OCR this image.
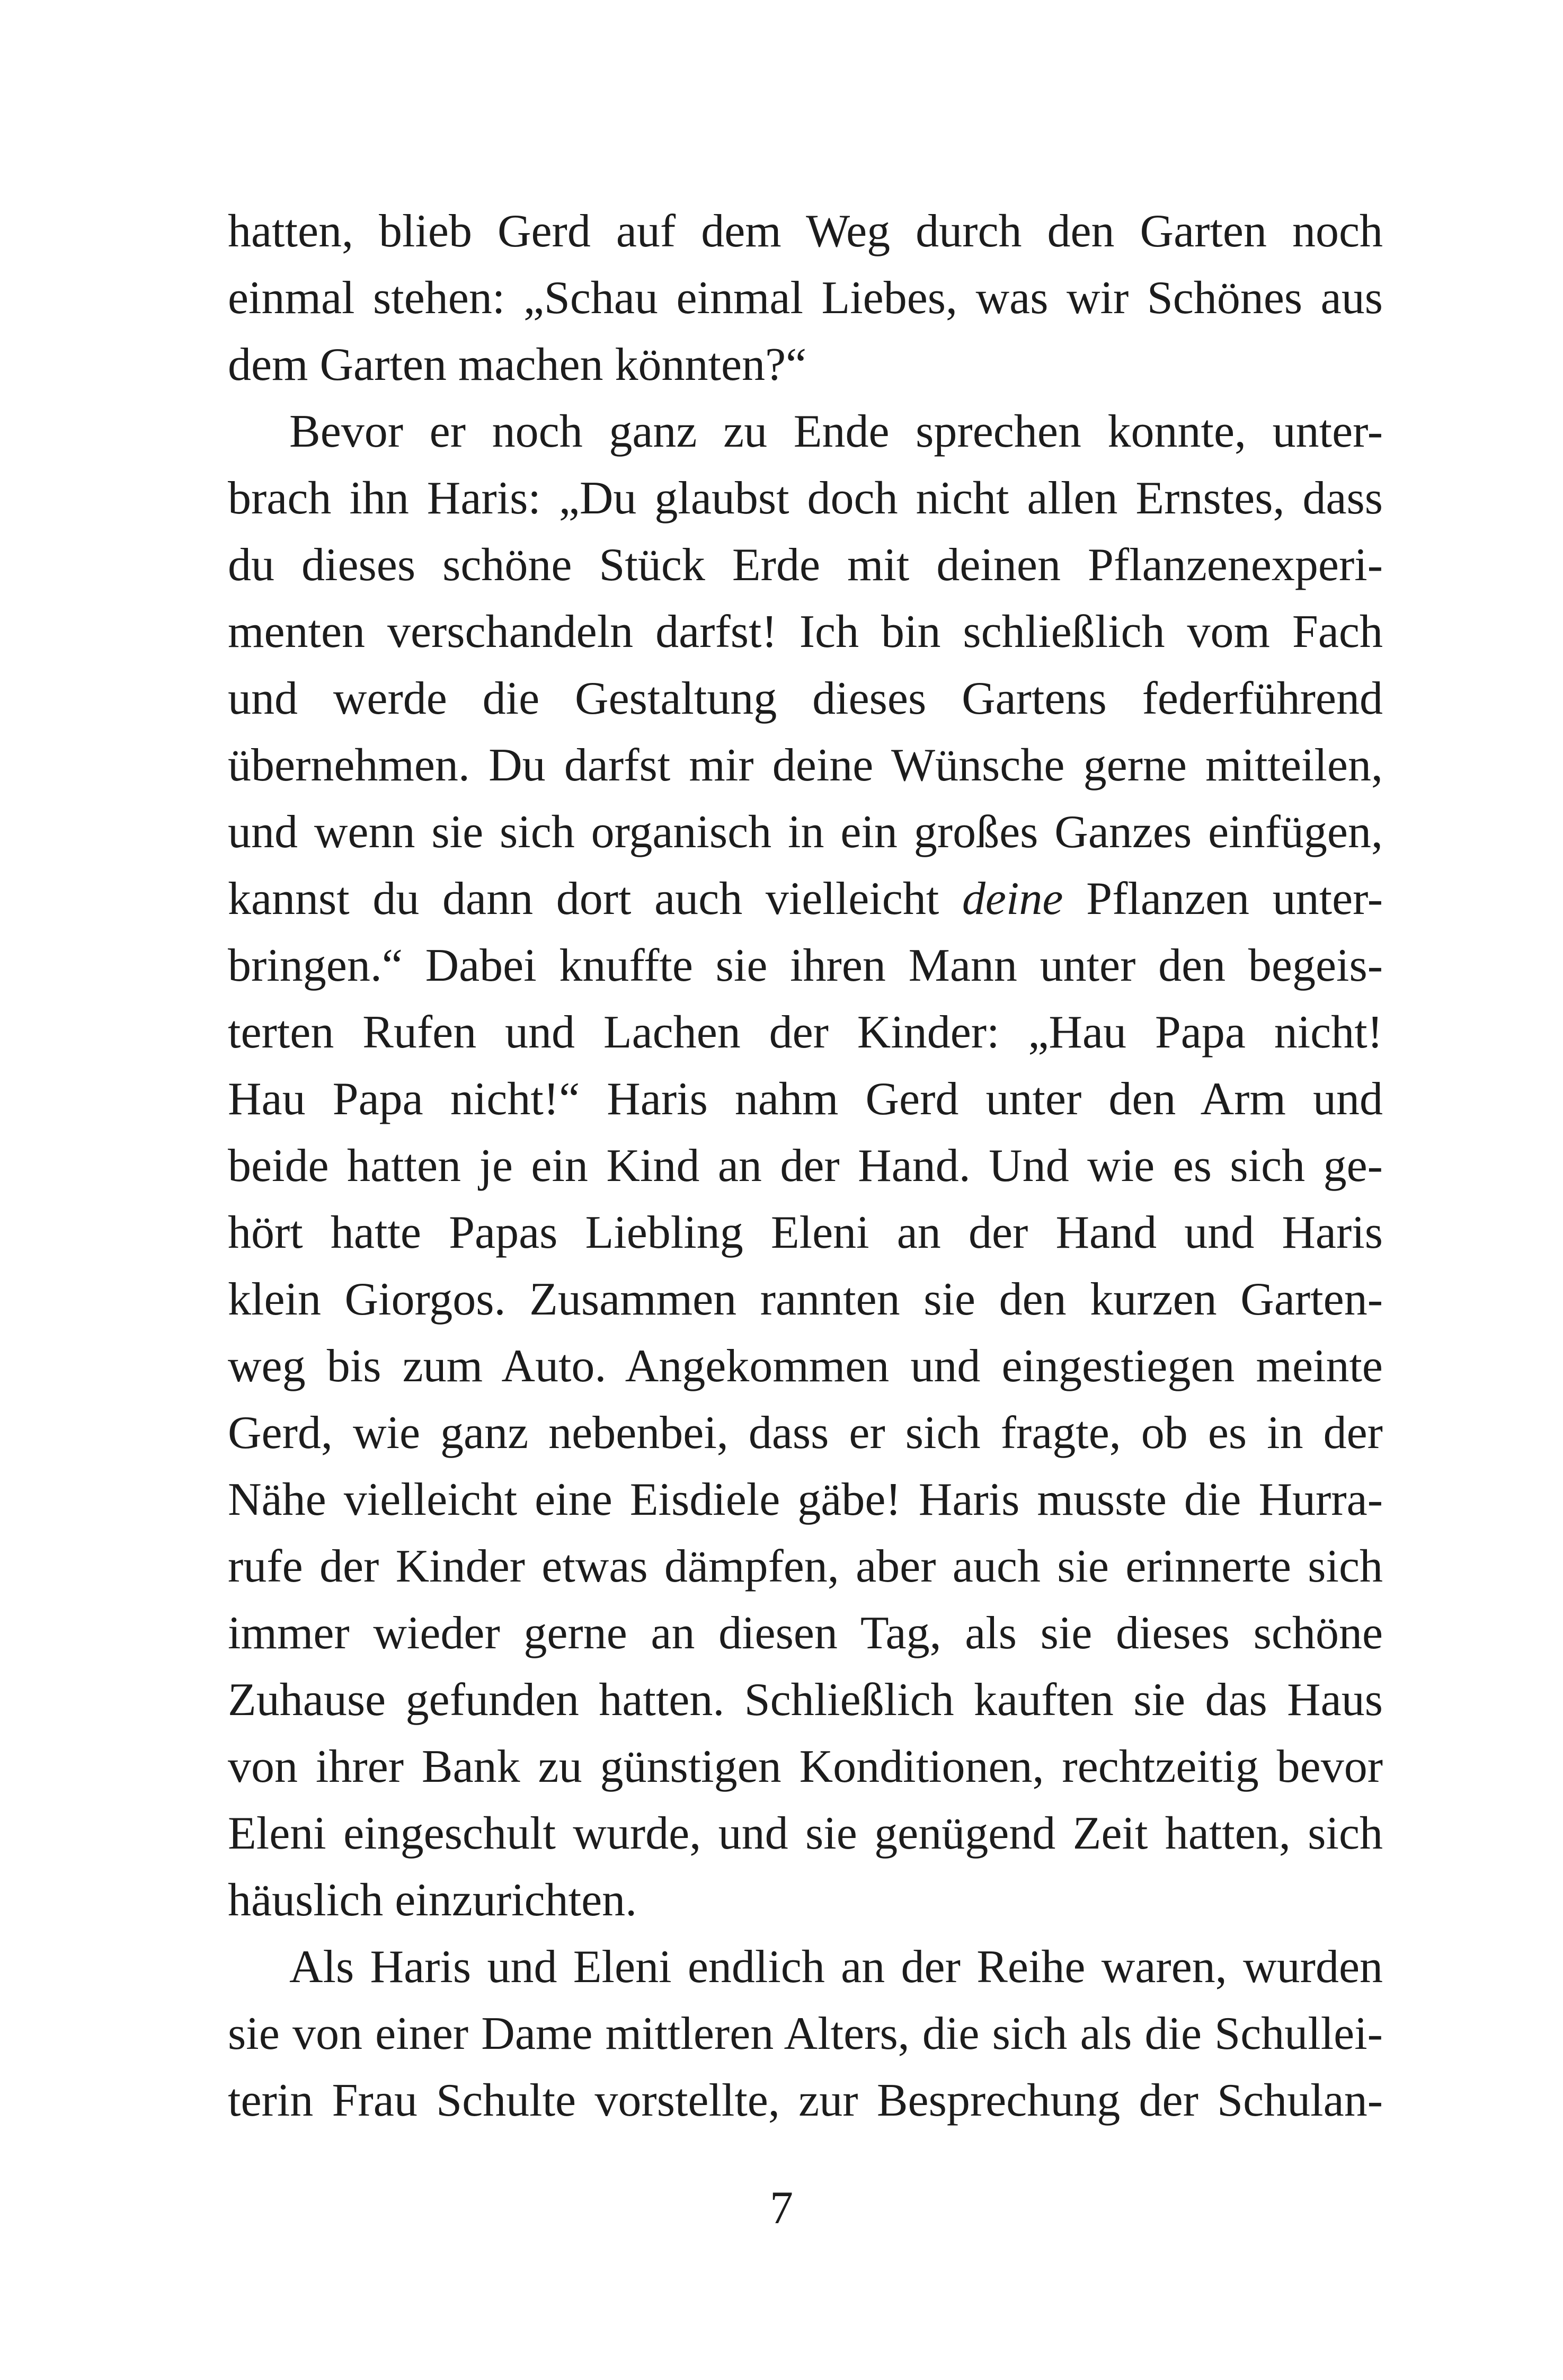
hatten, blieb Gerd auf dem Weg durch den Garten noch
einmal stehen: „Schau einmal Liebes, was wir Schönes aus
dem Garten machen könnten?“
Bevor er noch ganz zu Ende sprechen konnte, unter-
brach ihn Haris: „Du glaubst doch nicht allen Ernstes, dass
du dieses schöne Stück Erde mit deinen Pflanzenexperi-
menten verschandeln darfst! Ich bin schließlich vom Fach
und werde die Gestaltung dieses Gartens federführend
übernehmen. Du darfst mir deine Wünsche gerne mitteilen,
und wenn sie sich organisch in ein großes Ganzes einfügen,
kannst du dann dort auch vielleicht deine Pflanzen unter-
bringen.“ Dabei knuffte sie ihren Mann unter den begeis-
terten Rufen und Lachen der Kinder: „Hau Papa nicht!
Hau Papa nicht!“ Haris nahm Gerd unter den Arm und
beide hatten je ein Kind an der Hand. Und wie es sich ge-
hört hatte Papas Liebling Eleni an der Hand und Haris
klein Giorgos. Zusammen rannten sie den kurzen Garten-
weg bis zum Auto. Angekommen und eingestiegen meinte
Gerd, wie ganz nebenbei, dass er sich fragte, ob es in der
Nähe vielleicht eine Eisdiele gäbe! Haris musste die Hurra-
rufe der Kinder etwas dämpfen, aber auch sie erinnerte sich
immer wieder gerne an diesen Tag, als sie dieses schöne
Zuhause gefunden hatten. Schließlich kauften sie das Haus
von ihrer Bank zu günstigen Konditionen, rechtzeitig bevor
Eleni eingeschult wurde, und sie genügend Zeit hatten, sich
häuslich einzurichten.
Als Haris und Eleni endlich an der Reihe waren, wurden
sie von einer Dame mittleren Alters, die sich als die Schullei-
terin Frau Schulte vorstellte, zur Besprechung der Schulan-
7
